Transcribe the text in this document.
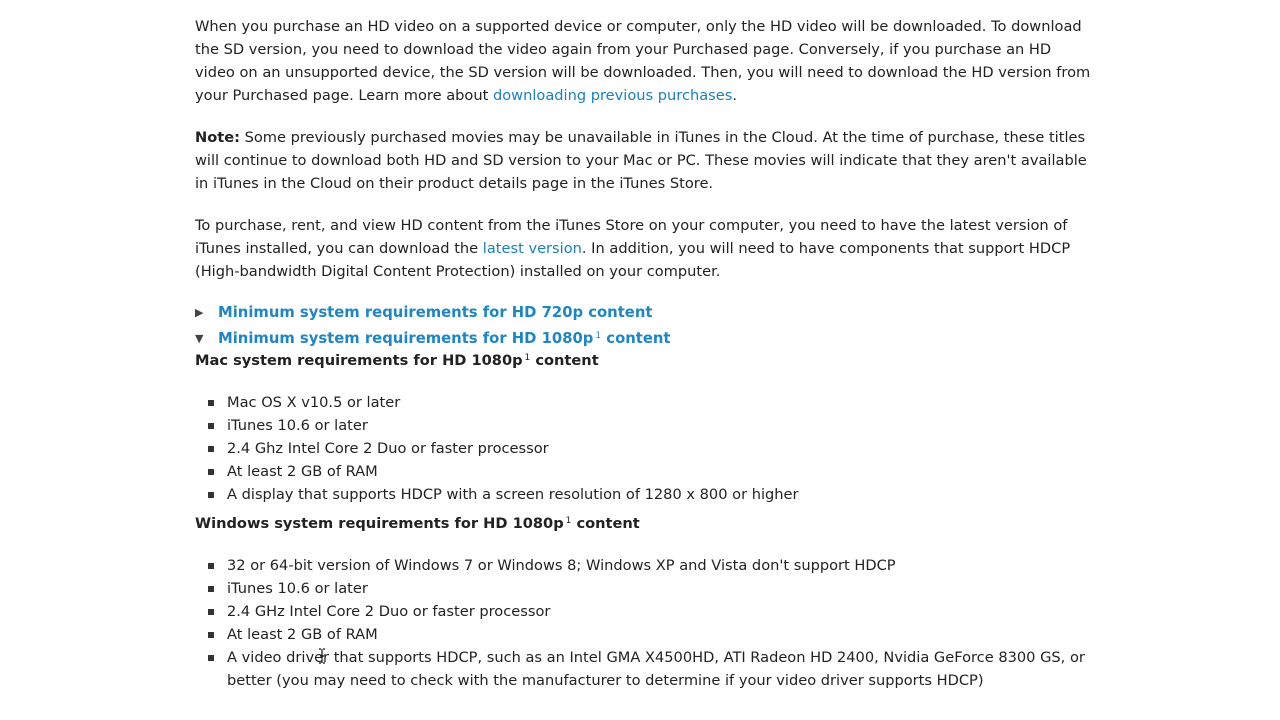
When you purchase an HD video on a supported device or computer, only the HD video will be downloaded. To download the SD version, you need to download the video again from your Purchased page. Conversely, if you purchase an HD video on an unsupported device, the SD version will be downloaded. Then, you will need to download the HD version from your Purchased page. Learn more about downloading previous purchases.

Note: Some previously purchased movies may be unavailable in iTunes in the Cloud. At the time of purchase, these titles will continue to download both HD and SD version to your Mac or PC. These movies will indicate that they aren't available in iTunes in the Cloud on their product details page in the iTunes Store.

To purchase, rent, and view HD content from the iTunes Store on your computer, you need to have the latest version of iTunes installed, you can download the latest version. In addition, you will need to have components that support HDCP (High-bandwidth Digital Content Protection) installed on your computer.

▶ Minimum system requirements for HD 720p content
▼ Minimum system requirements for HD 1080p $^1$ content
Mac system requirements for HD 1080p $^1$ content
Mac OS X v10.5 or later
iTunes 10.6 or later
2.4 Ghz Intel Core 2 Duo or faster processor
At least 2 GB of RAM
A display that supports HDCP with a screen resolution of 1280 x 800 or higher
Windows system requirements for HD 1080p $^1$ content
32 or 64-bit version of Windows 7 or Windows 8; Windows XP and Vista don't support HDCP
iTunes 10.6 or later
2.4 GHz Intel Core 2 Duo or faster processor
At least 2 GB of RAM
A video driver that supports HDCP, such as an Intel GMA X4500HD, ATI Radeon HD 2400, Nvidia GeForce 8300 GS, or better (you may need to check with the manufacturer to determine if your video driver supports HDCP)
